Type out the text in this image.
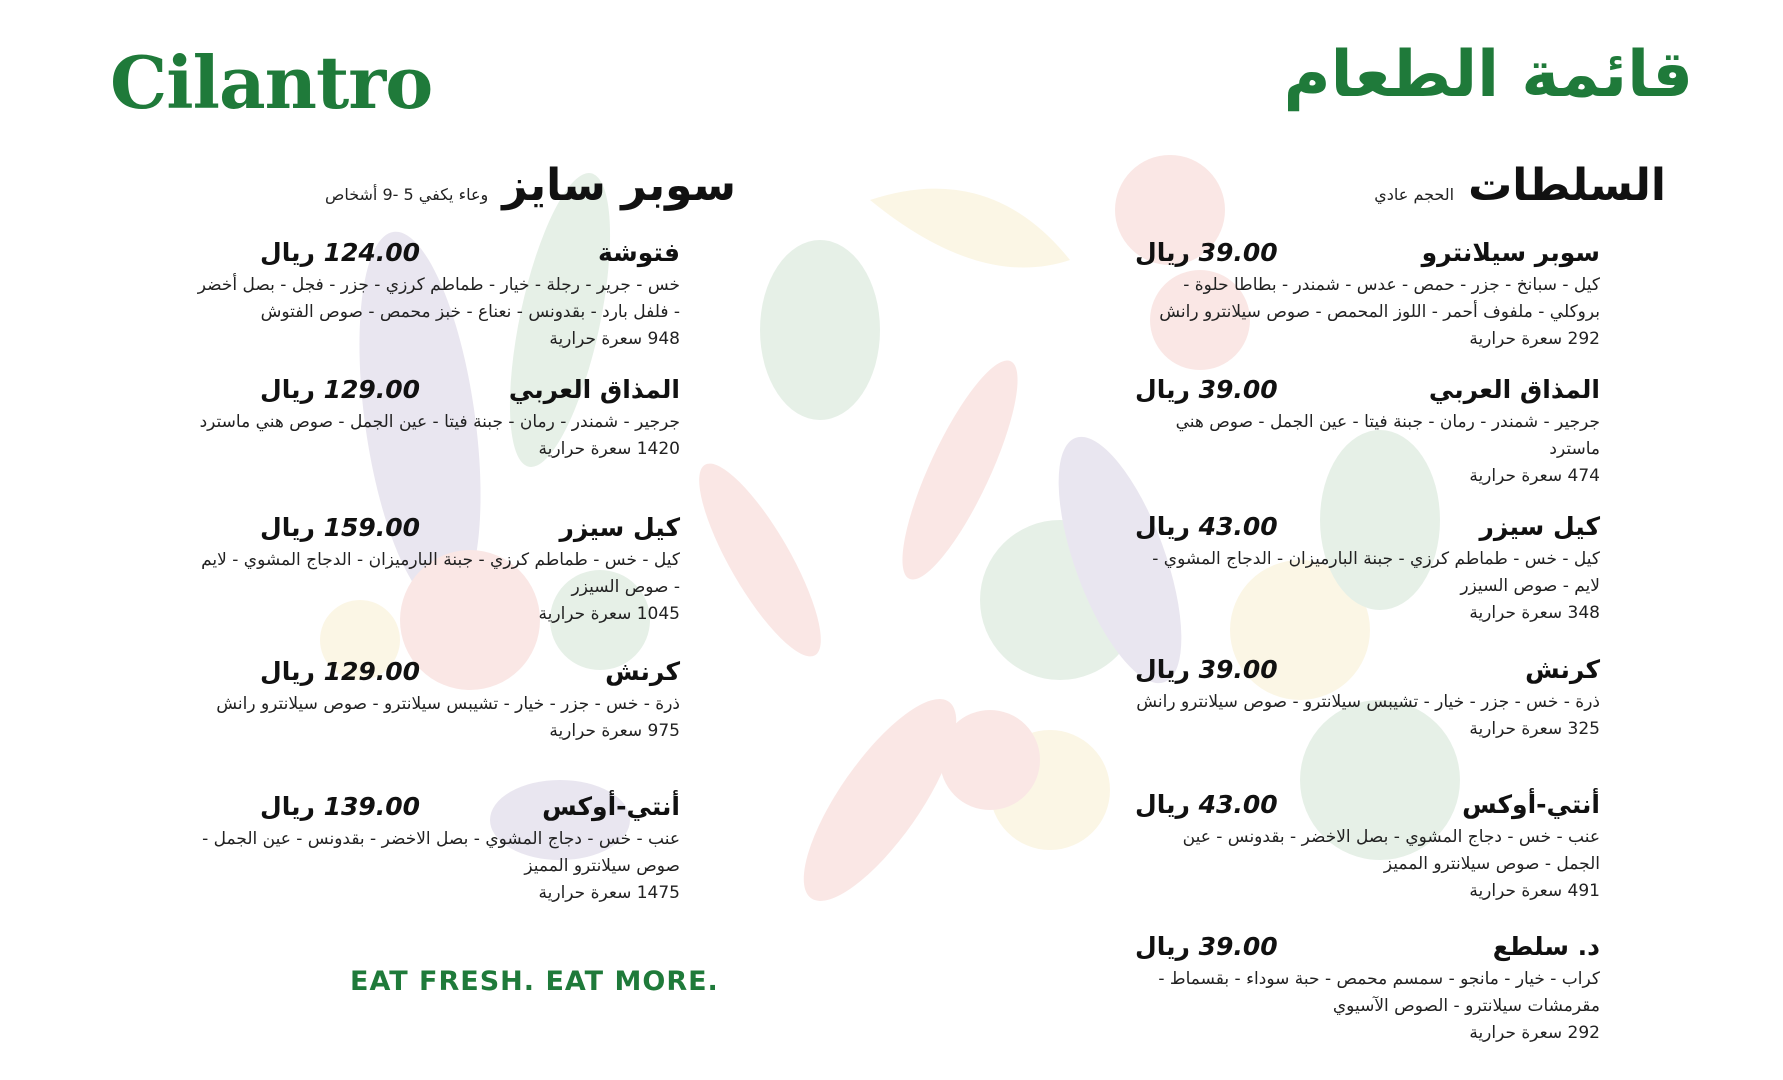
Cilantro	قائمة الطعام
السلطات
الحجم عادي
سوبر سيلانترو
39.00 ريال
كيل - سبانخ - جزر - حمص - عدس - شمندر - بطاطا حلوة - بروكلي - ملفوف أحمر - اللوز المحمص - صوص سيلانترو رانش
292 سعرة حرارية
المذاق العربي
39.00 ريال
جرجير - شمندر - رمان - جبنة فيتا - عين الجمل - صوص هني ماسترد
474 سعرة حرارية
كيل سيزر
43.00 ريال
كيل - خس - طماطم كرزي - جبنة البارميزان - الدجاج المشوي - لايم - صوص السيزر
348 سعرة حرارية
كرنش
39.00 ريال
ذرة - خس - جزر - خيار - تشيبس سيلانترو - صوص سيلانترو رانش
325 سعرة حرارية
أنتي-أوكس
43.00 ريال
عنب - خس - دجاج المشوي - بصل الاخضر - بقدونس - عين الجمل - صوص سيلانترو المميز
491 سعرة حرارية
د. سلطع
39.00 ريال
كراب - خيار - مانجو - سمسم محمص - حبة سوداء - بقسماط - مقرمشات سيلانترو - الصوص الآسيوي
292 سعرة حرارية
سوبر سايز
وعاء يكفي 5 -9 أشخاص
فتوشة
124.00 ريال
خس - جرير - رجلة - خيار - طماطم كرزي - جزر - فجل - بصل أخضر - فلفل بارد - بقدونس - نعناع - خبز محمص - صوص الفتوش
948 سعرة حرارية
المذاق العربي
129.00 ريال
جرجير - شمندر - رمان - جبنة فيتا - عين الجمل - صوص هني ماسترد
1420 سعرة حرارية
كيل سيزر
159.00 ريال
كيل - خس - طماطم كرزي - جبنة البارميزان - الدجاج المشوي - لايم - صوص السيزر
1045 سعرة حرارية
كرنش
129.00 ريال
ذرة - خس - جزر - خيار - تشيبس سيلانترو - صوص سيلانترو رانش
975 سعرة حرارية
أنتي-أوكس
139.00 ريال
عنب - خس - دجاج المشوي - بصل الاخضر - بقدونس - عين الجمل - صوص سيلانترو المميز
1475 سعرة حرارية

EAT FRESH. EAT MORE.
